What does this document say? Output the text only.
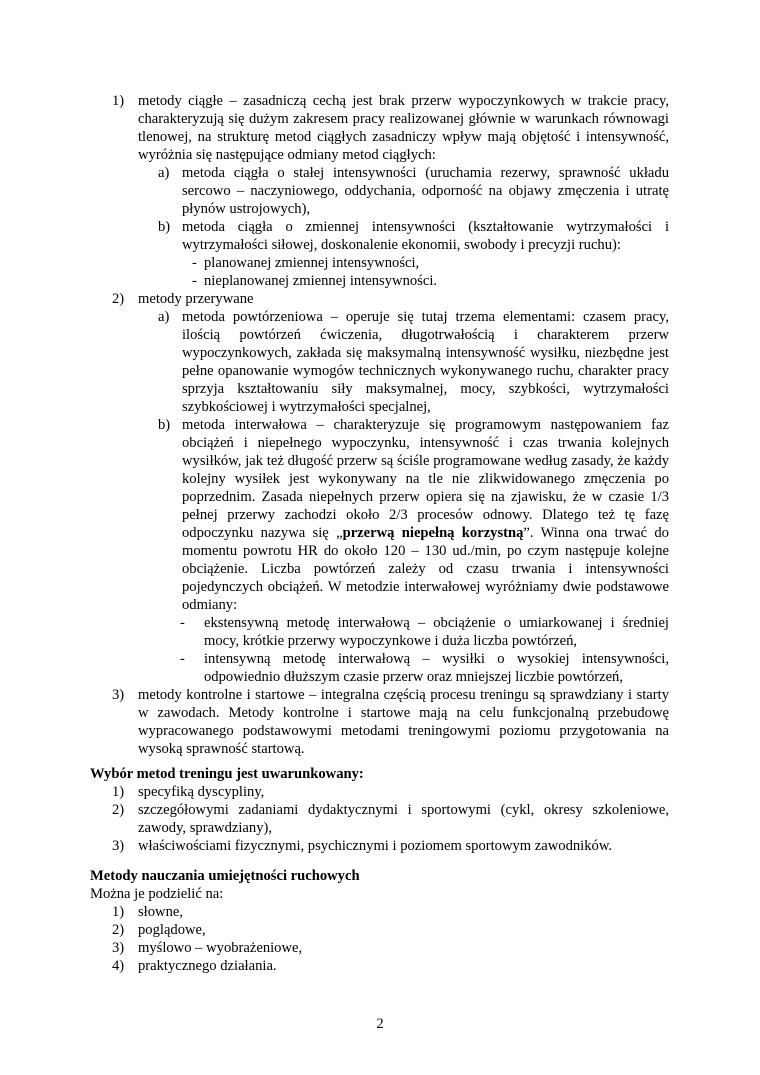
1) metody ciągłe – zasadniczą cechą jest brak przerw wypoczynkowych w trakcie pracy, charakteryzują się dużym zakresem pracy realizowanej głównie w warunkach równowagi tlenowej, na strukturę metod ciągłych zasadniczy wpływ mają objętość i intensywność, wyróżnia się następujące odmiany metod ciągłych:
a) metoda ciągła o stałej intensywności (uruchamia rezerwy, sprawność układu sercowo – naczyniowego, oddychania, odporność na objawy zmęczenia i utratę płynów ustrojowych),
b) metoda ciągła o zmiennej intensywności (kształtowanie wytrzymałości i wytrzymałości siłowej, doskonalenie ekonomii, swobody i precyzji ruchu):
- planowanej zmiennej intensywności,
- nieplanowanej zmiennej intensywności.
2) metody przerywane
a) metoda powtórzeniowa – operuje się tutaj trzema elementami: czasem pracy, ilością powtórzeń ćwiczenia, długotrwałością i charakterem przerw wypoczynkowych, zakłada się maksymalną intensywność wysiłku, niezbędne jest pełne opanowanie wymogów technicznych wykonywanego ruchu, charakter pracy sprzyja kształtowaniu siły maksymalnej, mocy, szybkości, wytrzymałości szybkościowej i wytrzymałości specjalnej,
b) metoda interwałowa – charakteryzuje się programowym następowaniem faz obciążeń i niepełnego wypoczynku, intensywność i czas trwania kolejnych wysiłków, jak też długość przerw są ściśle programowane według zasady, że każdy kolejny wysiłek jest wykonywany na tle nie zlikwidowanego zmęczenia po poprzednim. Zasada niepełnych przerw opiera się na zjawisku, że w czasie 1/3 pełnej przerwy zachodzi około 2/3 procesów odnowy. Dlatego też tę fazę odpoczynku nazywa się „przerwą niepełną korzystną”. Winna ona trwać do momentu powrotu HR do około 120 – 130 ud./min, po czym następuje kolejne obciążenie. Liczba powtórzeń zależy od czasu trwania i intensywności pojedynczych obciążeń. W metodzie interwałowej wyróżniamy dwie podstawowe odmiany:
- ekstensywną metodę interwałową – obciążenie o umiarkowanej i średniej mocy, krótkie przerwy wypoczynkowe i duża liczba powtórzeń,
- intensywną metodę interwałową – wysiłki o wysokiej intensywności, odpowiednio dłuższym czasie przerw oraz mniejszej liczbie powtórzeń,
3) metody kontrolne i startowe – integralna częścią procesu treningu są sprawdziany i starty w zawodach. Metody kontrolne i startowe mają na celu funkcjonalną przebudowę wypracowanego podstawowymi metodami treningowymi poziomu przygotowania na wysoką sprawność startową.
Wybór metod treningu jest uwarunkowany:
1) specyfiką dyscypliny,
2) szczegółowymi zadaniami dydaktycznymi i sportowymi (cykl, okresy szkoleniowe, zawody, sprawdziany),
3) właściwościami fizycznymi, psychicznymi i poziomem sportowym zawodników.
Metody nauczania umiejętności ruchowych
Można je podzielić na:
1) słowne,
2) poglądowe,
3) myślowo – wyobrażeniowe,
4) praktycznego działania.
2
